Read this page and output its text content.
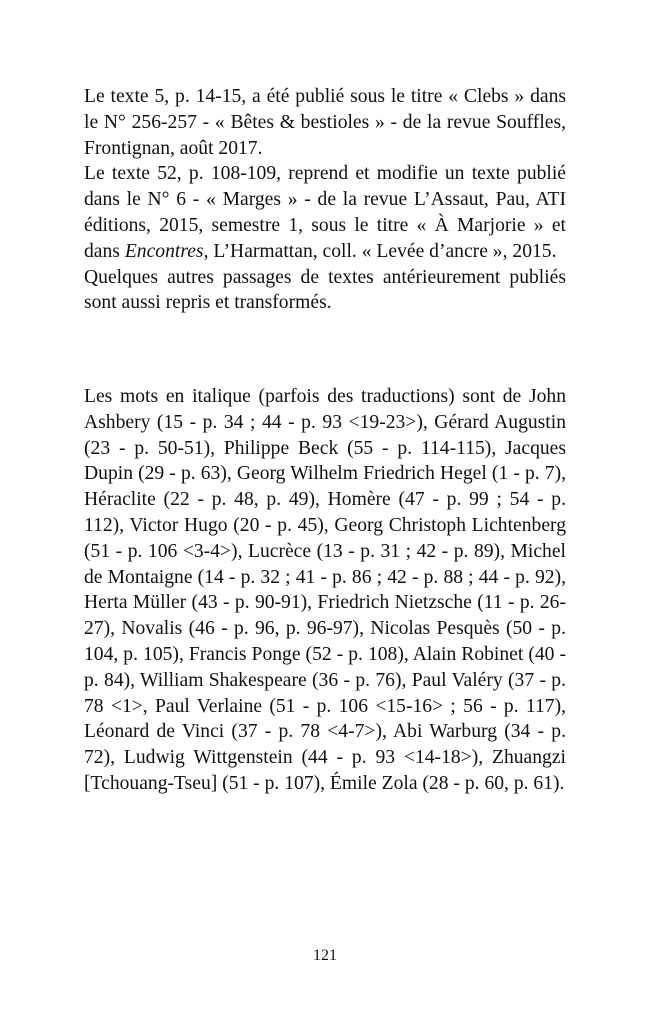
Le texte 5, p. 14-15, a été publié sous le titre « Clebs » dans le N° 256-257 - « Bêtes & bestioles » - de la revue Souffles, Frontignan, août 2017.

Le texte 52, p. 108-109, reprend et modifie un texte publié dans le N° 6 - « Marges » - de la revue L’Assaut, Pau, ATI éditions, 2015, semestre 1, sous le titre « À Marjorie » et dans Encontres, L’Harmattan, coll. « Levée d’ancre », 2015.

Quelques autres passages de textes antérieurement publiés sont aussi repris et transformés.

Les mots en italique (parfois des traductions) sont de John Ashbery (15 - p. 34 ; 44 - p. 93 <19-23>), Gérard Augustin (23 - p. 50-51), Philippe Beck (55 - p. 114-115), Jacques Dupin (29 - p. 63), Georg Wilhelm Friedrich Hegel (1 - p. 7), Héraclite (22 - p. 48, p. 49), Homère (47 - p. 99 ; 54 - p. 112), Victor Hugo (20 - p. 45), Georg Christoph Lichtenberg (51 - p. 106 <3-4>), Lucrèce (13 - p. 31 ; 42 - p. 89), Michel de Montaigne (14 - p. 32 ; 41 - p. 86 ; 42 - p. 88 ; 44 - p. 92), Herta Müller (43 - p. 90-91), Friedrich Nietzsche (11 - p. 26-27), Novalis (46 - p. 96, p. 96-97), Nicolas Pesquès (50 - p. 104, p. 105), Francis Ponge (52 - p. 108), Alain Robinet (40 - p. 84), William Shakespeare (36 - p. 76), Paul Valéry (37 - p. 78 <1>, Paul Verlaine (51 - p. 106 <15-16> ; 56 - p. 117), Léonard de Vinci (37 - p. 78 <4-7>), Abi Warburg (34 - p. 72), Ludwig Wittgenstein (44 - p. 93 <14-18>), Zhuangzi [Tchouang-Tseu] (51 - p. 107), Émile Zola (28 - p. 60, p. 61).

121
